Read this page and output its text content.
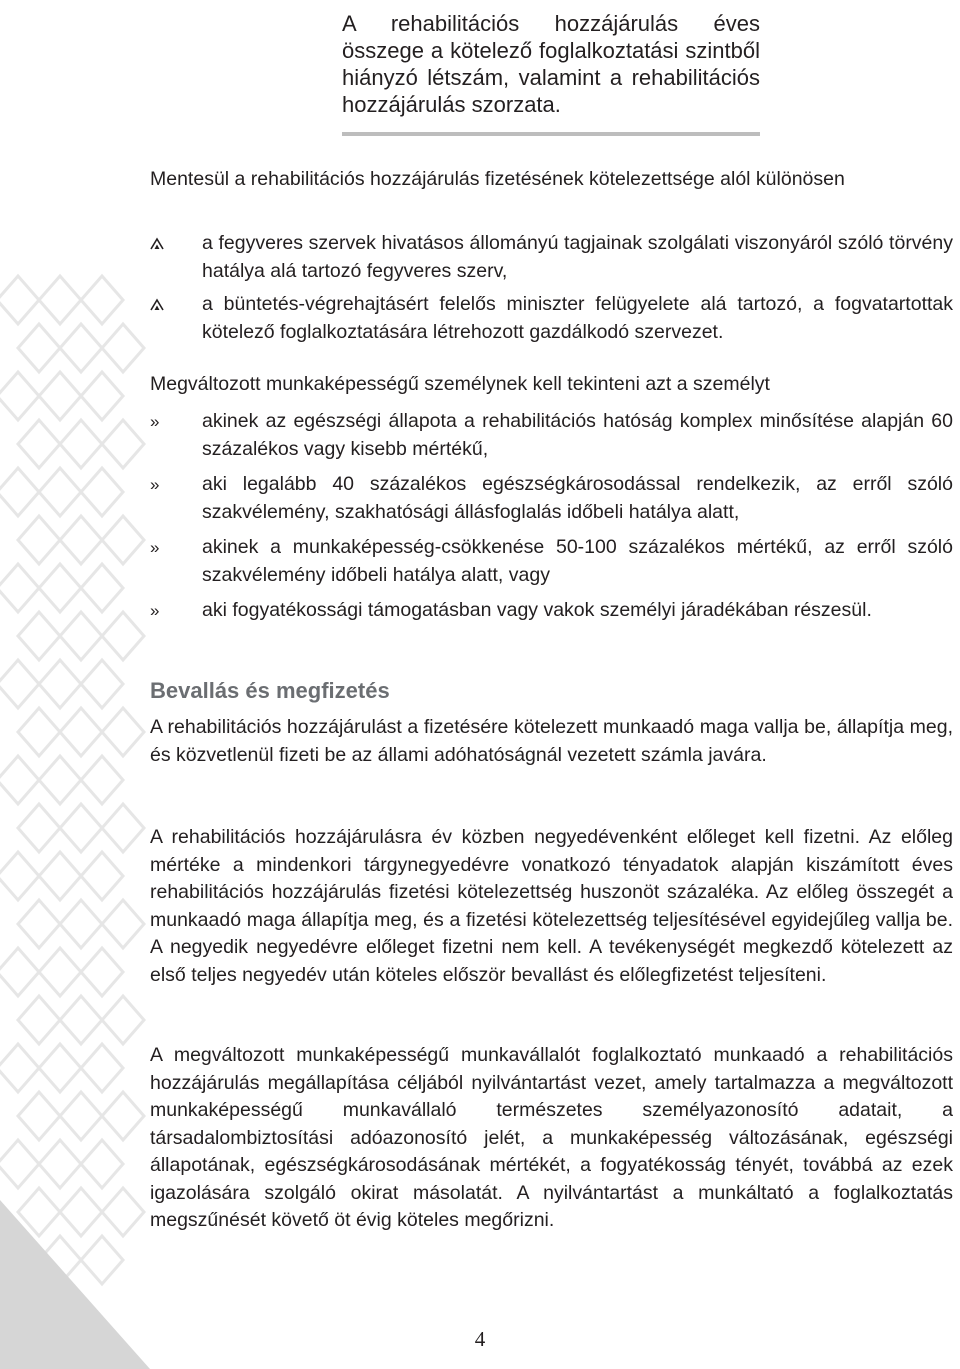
A rehabilitációs hozzájárulás éves összege a kötelező foglalkoztatási szintből hiányzó létszám, valamint a rehabilitációs hozzájárulás szorzata.
Mentesül a rehabilitációs hozzájárulás fizetésének kötelezettsége alól különösen
a fegyveres szervek hivatásos állományú tagjainak szolgálati viszonyáról szóló törvény hatálya alá tartozó fegyveres szerv,
a büntetés-végrehajtásért felelős miniszter felügyelete alá tartozó, a fogvatartottak kötelező foglalkoztatására létrehozott gazdálkodó szervezet.
Megváltozott munkaképességű személynek kell tekinteni azt a személyt
»	akinek az egészségi állapota a rehabilitációs hatóság komplex minősítése alapján 60 százalékos vagy kisebb mértékű,
»	aki legalább 40 százalékos egészségkárosodással rendelkezik, az erről szóló szakvélemény, szakhatósági állásfoglalás időbeli hatálya alatt,
»	akinek a munkaképesség-csökkenése 50-100 százalékos mértékű, az erről szóló szakvélemény időbeli hatálya alatt, vagy
»	aki fogyatékossági támogatásban vagy vakok személyi járadékában részesül.
Bevallás és megfizetés
A rehabilitációs hozzájárulást a fizetésére kötelezett munkaadó maga vallja be, állapítja meg, és közvetlenül fizeti be az állami adóhatóságnál vezetett számla javára.
A rehabilitációs hozzájárulásra év közben negyedévenként előleget kell fizetni. Az előleg mértéke a mindenkori tárgynegyedévre vonatkozó tényadatok alapján kiszámított éves rehabilitációs hozzájárulás fizetési kötelezettség huszonöt százaléka. Az előleg összegét a munkaadó maga állapítja meg, és a fizetési kötelezettség teljesítésével egyidejűleg vallja be. A negyedik negyedévre előleget fizetni nem kell. A tevékenységét megkezdő kötelezett az első teljes negyedév után köteles először bevallást és előlegfizetést teljesíteni.
A megváltozott munkaképességű munkavállalót foglalkoztató munkaadó a rehabilitációs hozzájárulás megállapítása céljából nyilvántartást vezet, amely tartalmazza a megváltozott munkaképességű munkavállaló természetes személyazonosító adatait, a társadalombiztosítási adóazonosító jelét, a munkaképesség változásának, egészségi állapotának, egészségkárosodásának mértékét, a fogyatékosság tényét, továbbá az ezek igazolására szolgáló okirat másolatát. A nyilvántartást a munkáltató a foglalkoztatás megszűnését követő öt évig köteles megőrizni.
4
